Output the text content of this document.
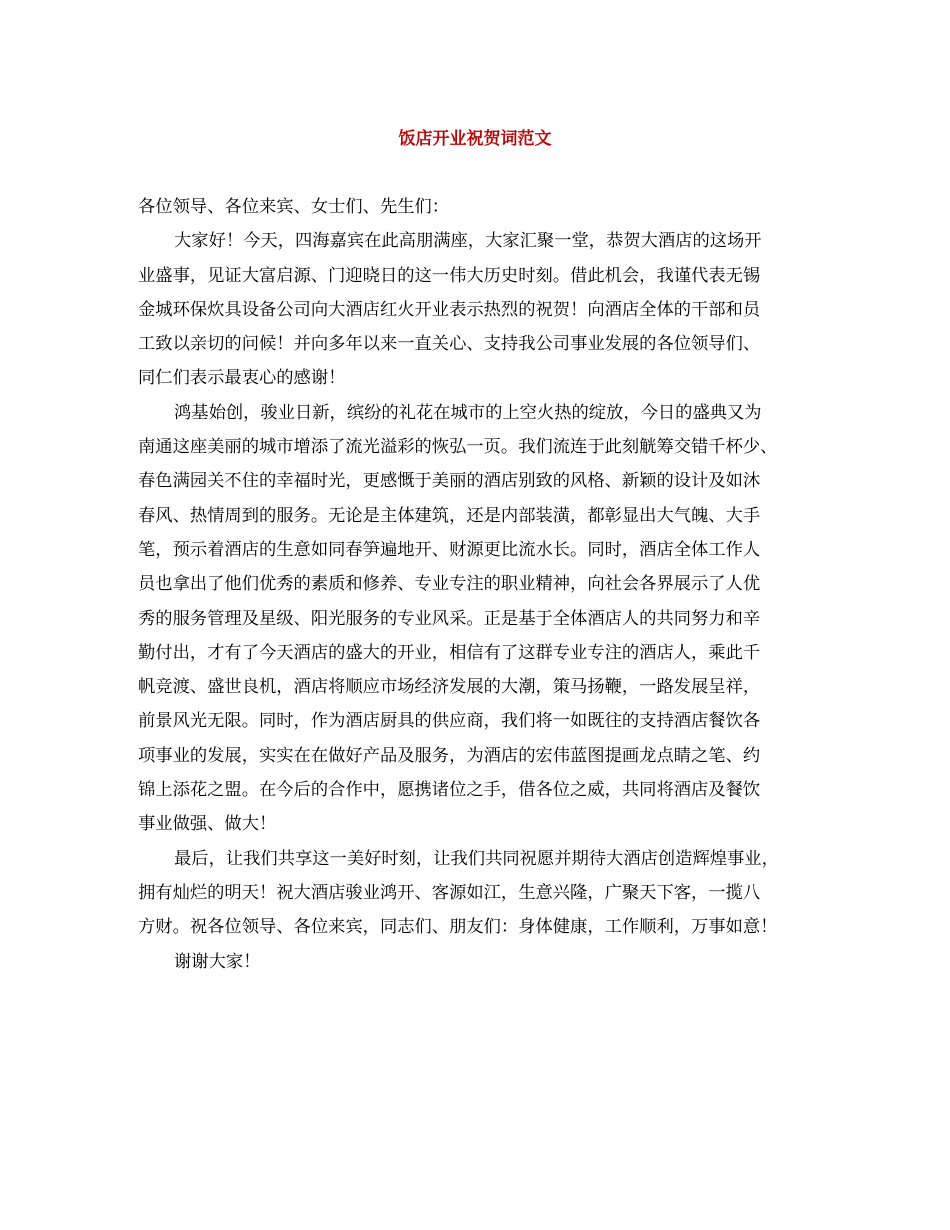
饭店开业祝贺词范文
各位领导、各位来宾、女士们、先生们：
大家好！今天，四海嘉宾在此高朋满座，大家汇聚一堂，恭贺大酒店的这场开
业盛事，见证大富启源、门迎晓日的这一伟大历史时刻。借此机会，我谨代表无锡
金城环保炊具设备公司向大酒店红火开业表示热烈的祝贺！向酒店全体的干部和员
工致以亲切的问候！并向多年以来一直关心、支持我公司事业发展的各位领导们、
同仁们表示最衷心的感谢！
鸿基始创，骏业日新，缤纷的礼花在城市的上空火热的绽放，今日的盛典又为
南通这座美丽的城市增添了流光溢彩的恢弘一页。我们流连于此刻觥筹交错千杯少、
春色满园关不住的幸福时光，更感慨于美丽的酒店别致的风格、新颖的设计及如沐
春风、热情周到的服务。无论是主体建筑，还是内部装潢，都彰显出大气魄、大手
笔，预示着酒店的生意如同春笋遍地开、财源更比流水长。同时，酒店全体工作人
员也拿出了他们优秀的素质和修养、专业专注的职业精神，向社会各界展示了人优
秀的服务管理及星级、阳光服务的专业风采。正是基于全体酒店人的共同努力和辛
勤付出，才有了今天酒店的盛大的开业，相信有了这群专业专注的酒店人，乘此千
帆竞渡、盛世良机，酒店将顺应市场经济发展的大潮，策马扬鞭，一路发展呈祥，
前景风光无限。同时，作为酒店厨具的供应商，我们将一如既往的支持酒店餐饮各
项事业的发展，实实在在做好产品及服务，为酒店的宏伟蓝图提画龙点睛之笔、约
锦上添花之盟。在今后的合作中，愿携诸位之手，借各位之威，共同将酒店及餐饮
事业做强、做大！
最后，让我们共享这一美好时刻，让我们共同祝愿并期待大酒店创造辉煌事业，
拥有灿烂的明天！祝大酒店骏业鸿开、客源如江，生意兴隆，广聚天下客，一揽八
方财。祝各位领导、各位来宾，同志们、朋友们：身体健康，工作顺利，万事如意！
谢谢大家！
